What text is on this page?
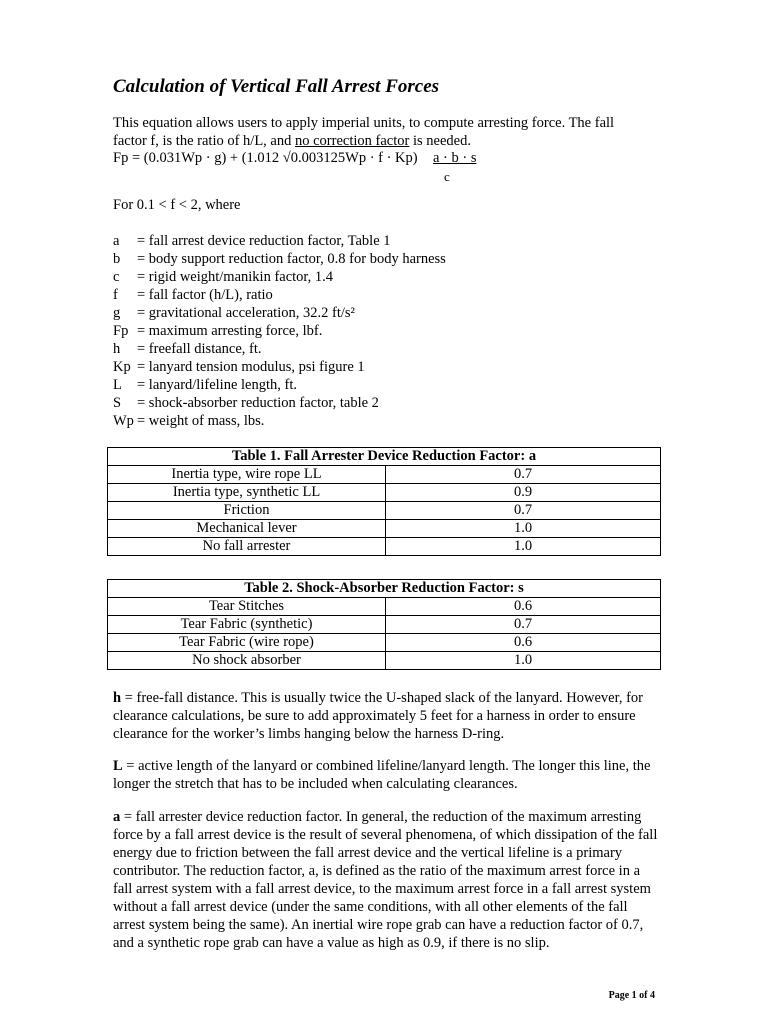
Calculation of Vertical Fall Arrest Forces

This equation allows users to apply imperial units, to compute arresting force. The fall

factor f, is the ratio of h/L, and no correction factor is needed.

Fp = (0.031Wp · g) + (1.012 √0.003125Wp · f · Kp) a · b · s
c
For 0.1 < f < 2, where
a	= fall arrest device reduction factor, Table 1
b	= body support reduction factor, 0.8 for body harness
c	= rigid weight/manikin factor, 1.4
f	= fall factor (h/L), ratio
g	= gravitational acceleration, 32.2 ft/s²
Fp = maximum arresting force, lbf.
h	= freefall distance, ft.
Kp = lanyard tension modulus, psi figure 1
L	= lanyard/lifeline length, ft.
S	= shock-absorber reduction factor, table 2
Wp = weight of mass, lbs.
Table 1. Fall Arrester Device Reduction Factor: a	
Inertia type, wire rope LL	0.7
Inertia type, synthetic LL	0.9
Friction	0.7
Mechanical lever	1.0
No fall arrester	1.0
Table 2. Shock-Absorber Reduction Factor: s	
Tear Stitches	0.6
Tear Fabric (synthetic)	0.7
Tear Fabric (wire rope)	0.6
No shock absorber	1.0

h = free-fall distance. This is usually twice the U-shaped slack of the lanyard. However, for clearance calculations, be sure to add approximately 5 feet for a harness in order to ensure clearance for the worker’s limbs hanging below the harness D-ring.

L = active length of the lanyard or combined lifeline/lanyard length. The longer this line, the longer the stretch that has to be included when calculating clearances.

a = fall arrester device reduction factor. In general, the reduction of the maximum arresting force by a fall arrest device is the result of several phenomena, of which dissipation of the fall energy due to friction between the fall arrest device and the vertical lifeline is a primary contributor. The reduction factor, a, is defined as the ratio of the maximum arrest force in a fall arrest system with a fall arrest device, to the maximum arrest force in a fall arrest system without a fall arrest device (under the same conditions, with all other elements of the fall arrest system being the same). An inertial wire rope grab can have a reduction factor of 0.7, and a synthetic rope grab can have a value as high as 0.9, if there is no slip.

Page 1 of 4
